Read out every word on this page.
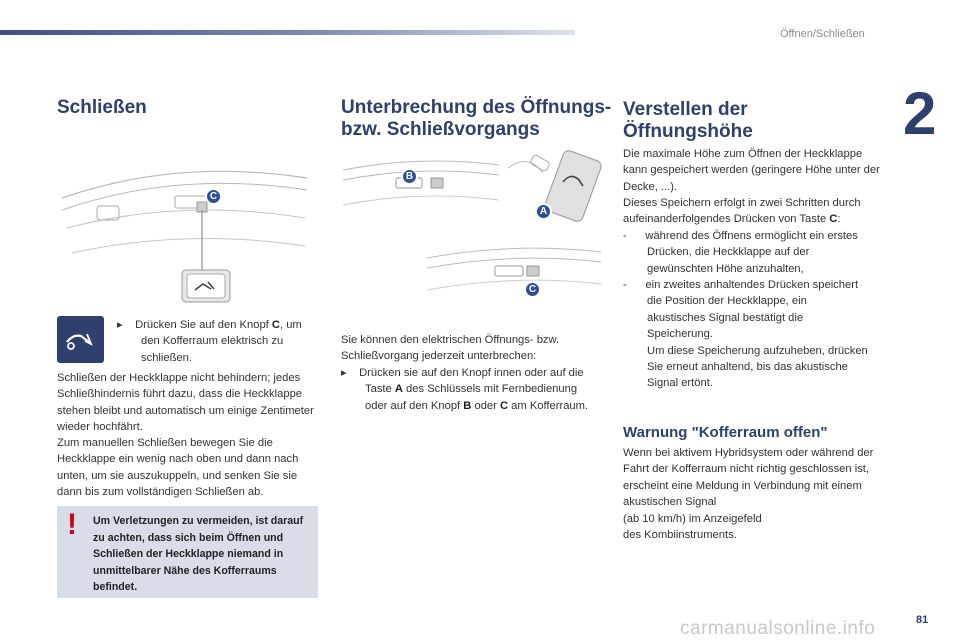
Öffnen/Schließen
2
Schließen
C
▸    Drücken Sie auf den Knopf C, um den Kofferraum elektrisch zu schließen.
Schließen der Heckklappe nicht behindern; jedes Schließhindernis führt dazu, dass die Heckklappe stehen bleibt und automatisch um einige Zentimeter wieder hochfährt.
Zum manuellen Schließen bewegen Sie die Heckklappe ein wenig nach oben und dann nach unten, um sie auszukuppeln, und senken Sie sie dann bis zum vollständigen Schließen ab.
! Um Verletzungen zu vermeiden, ist darauf zu achten, dass sich beim Öffnen und Schließen der Heckklappe niemand in unmittelbarer Nähe des Kofferraums befindet.
Unterbrechung des Öffnungs-
bzw. Schließvorgangs
B
A
C
Sie können den elektrischen Öffnungs- bzw. Schließvorgang jederzeit unterbrechen:
▸    Drücken sie auf den Knopf innen oder auf die Taste A des Schlüssels mit Fernbedienung oder auf den Knopf B oder C am Kofferraum.
Verstellen der
Öffnungshöhe
Die maximale Höhe zum Öffnen der Heckklappe kann gespeichert werden (geringere Höhe unter der Decke, ...).
Dieses Speichern erfolgt in zwei Schritten durch aufeinanderfolgendes Drücken von Taste C:
-      während des Öffnens ermöglicht ein erstes Drücken, die Heckklappe auf der gewünschten Höhe anzuhalten,
-      ein zweites anhaltendes Drücken speichert die Position der Heckklappe, ein akustisches Signal bestätigt die Speicherung.
Um diese Speicherung aufzuheben, drücken Sie erneut anhaltend, bis das akustische Signal ertönt.
Warnung "Kofferraum offen"
Wenn bei aktivem Hybridsystem oder während der Fahrt der Kofferraum nicht richtig geschlossen ist, erscheint eine Meldung in Verbindung mit einem akustischen Signal
(ab 10 km/h) im Anzeigefeld
des Kombiinstruments.
carmanualsonline.info	81
